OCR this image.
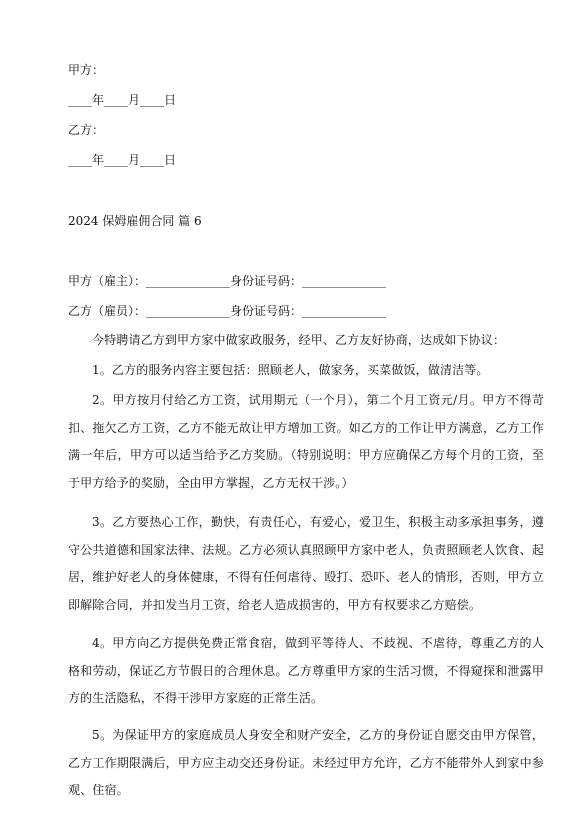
甲方：
____年____月____日
乙方：
____年____月____日
2024 保姆雇佣合同 篇 6
甲方（雇主）：______________身份证号码：______________
乙方（雇员）：______________身份证号码：______________
今特聘请乙方到甲方家中做家政服务，经甲、乙方友好协商，达成如下协议：
1。乙方的服务内容主要包括：照顾老人，做家务，买菜做饭，做清洁等。
2。甲方按月付给乙方工资，试用期元（一个月），第二个月工资元/月。甲方不得苛扣、拖欠乙方工资，乙方不能无故让甲方增加工资。如乙方的工作让甲方满意，乙方工作满一年后，甲方可以适当给予乙方奖励。（特别说明：甲方应确保乙方每个月的工资，至于甲方给予的奖励，全由甲方掌握，乙方无权干涉。）
3。乙方要热心工作，勤快，有责任心，有爱心，爱卫生，积极主动多承担事务，遵守公共道德和国家法律、法规。乙方必须认真照顾甲方家中老人，负责照顾老人饮食、起居，维护好老人的身体健康，不得有任何虐待、殴打、恐吓、老人的情形，否则，甲方立即解除合同，并扣发当月工资，给老人造成损害的，甲方有权要求乙方赔偿。
4。甲方向乙方提供免费正常食宿，做到平等待人、不歧视、不虐待，尊重乙方的人格和劳动，保证乙方节假日的合理休息。乙方尊重甲方家的生活习惯，不得窥探和泄露甲方的生活隐私，不得干涉甲方家庭的正常生活。
5。为保证甲方的家庭成员人身安全和财产安全，乙方的身份证自愿交由甲方保管，乙方工作期限满后，甲方应主动交还身份证。未经过甲方允许，乙方不能带外人到家中参观、住宿。
